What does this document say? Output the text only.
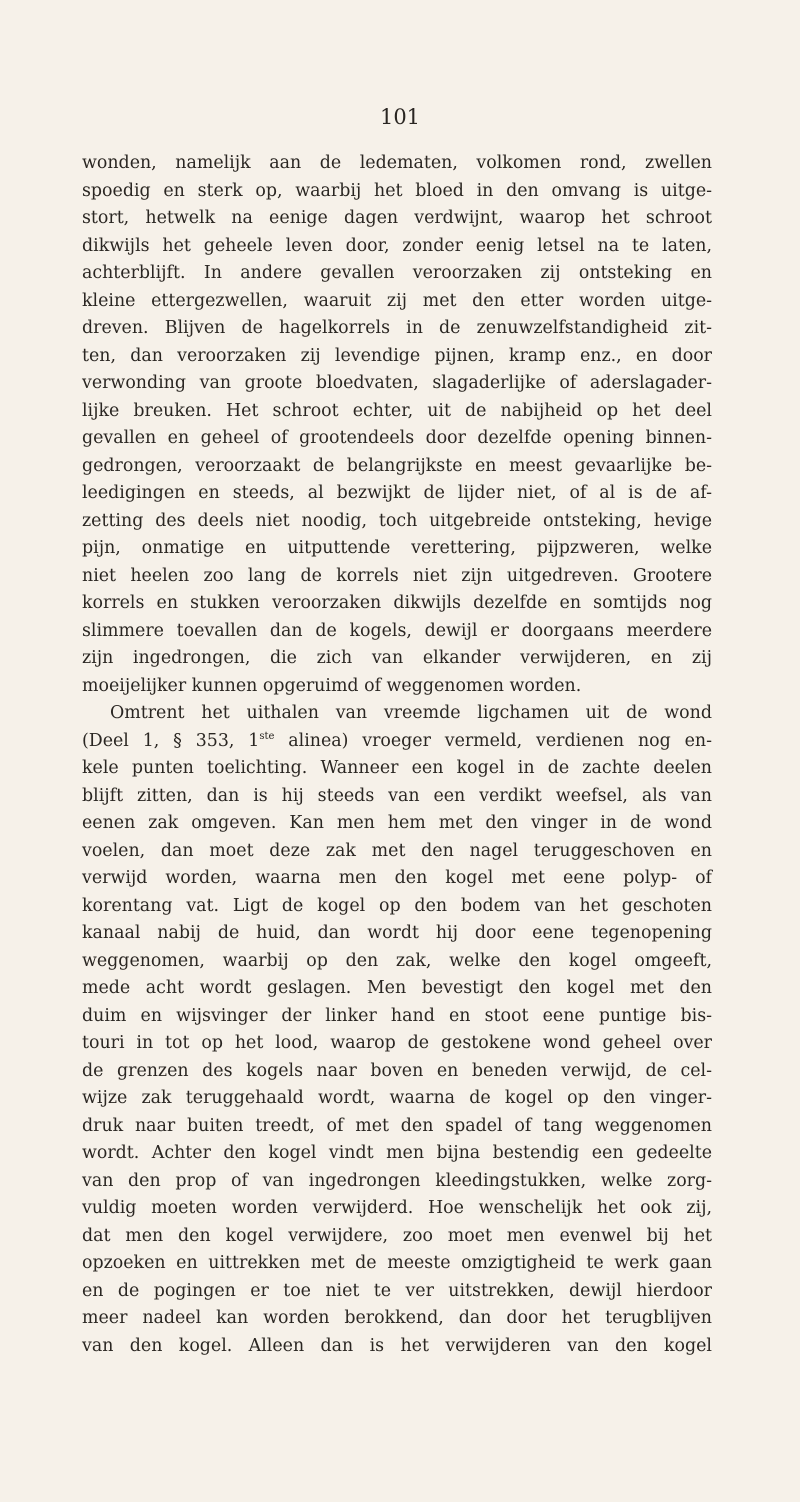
101
wonden, namelijk aan de ledematen, volkomen rond, zwellen
spoedig en sterk op, waarbij het bloed in den omvang is uitge-
stort, hetwelk na eenige dagen verdwijnt, waarop het schroot
dikwijls het geheele leven door, zonder eenig letsel na te laten,
achterblijft. In andere gevallen veroorzaken zij ontsteking en
kleine ettergezwellen, waaruit zij met den etter worden uitge-
dreven. Blijven de hagelkorrels in de zenuwzelfstandigheid zit-
ten, dan veroorzaken zij levendige pijnen, kramp enz., en door
verwonding van groote bloedvaten, slagaderlijke of aderslagader-
lijke breuken. Het schroot echter, uit de nabijheid op het deel
gevallen en geheel of grootendeels door dezelfde opening binnen-
gedrongen, veroorzaakt de belangrijkste en meest gevaarlijke be-
leedigingen en steeds, al bezwijkt de lijder niet, of al is de af-
zetting des deels niet noodig, toch uitgebreide ontsteking, hevige
pijn, onmatige en uitputtende verettering, pijpzweren, welke
niet heelen zoo lang de korrels niet zijn uitgedreven. Grootere
korrels en stukken veroorzaken dikwijls dezelfde en somtijds nog
slimmere toevallen dan de kogels, dewijl er doorgaans meerdere
zijn ingedrongen, die zich van elkander verwijderen, en zij
moeijelijker kunnen opgeruimd of weggenomen worden.
Omtrent het uithalen van vreemde ligchamen uit de wond
(Deel 1, § 353, 1ste alinea) vroeger vermeld, verdienen nog en-
kele punten toelichting. Wanneer een kogel in de zachte deelen
blijft zitten, dan is hij steeds van een verdikt weefsel, als van
eenen zak omgeven. Kan men hem met den vinger in de wond
voelen, dan moet deze zak met den nagel teruggeschoven en
verwijd worden, waarna men den kogel met eene polyp- of
korentang vat. Ligt de kogel op den bodem van het geschoten
kanaal nabij de huid, dan wordt hij door eene tegenopening
weggenomen, waarbij op den zak, welke den kogel omgeeft,
mede acht wordt geslagen. Men bevestigt den kogel met den
duim en wijsvinger der linker hand en stoot eene puntige bis-
touri in tot op het lood, waarop de gestokene wond geheel over
de grenzen des kogels naar boven en beneden verwijd, de cel-
wijze zak teruggehaald wordt, waarna de kogel op den vinger-
druk naar buiten treedt, of met den spadel of tang weggenomen
wordt. Achter den kogel vindt men bijna bestendig een gedeelte
van den prop of van ingedrongen kleedingstukken, welke zorg-
vuldig moeten worden verwijderd. Hoe wenschelijk het ook zij,
dat men den kogel verwijdere, zoo moet men evenwel bij het
opzoeken en uittrekken met de meeste omzigtigheid te werk gaan
en de pogingen er toe niet te ver uitstrekken, dewijl hierdoor
meer nadeel kan worden berokkend, dan door het terugblijven
van den kogel. Alleen dan is het verwijderen van den kogel
